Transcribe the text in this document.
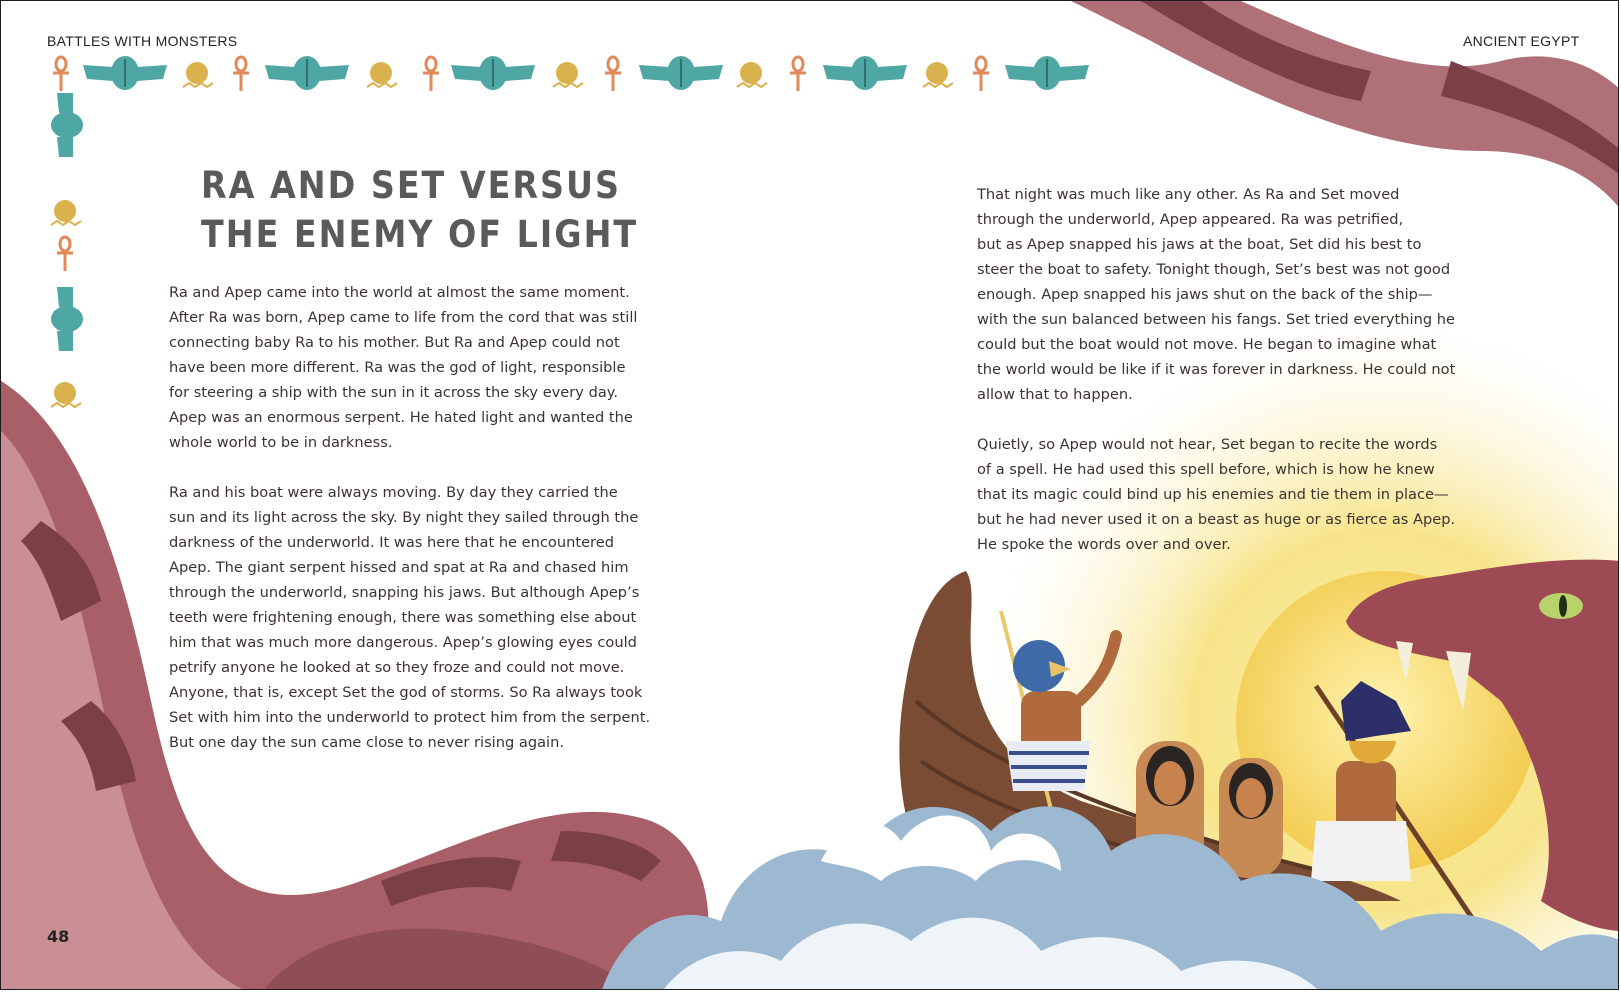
BATTLES WITH MONSTERS	ANCIENT EGYPT
RA AND SET VERSUS
THE ENEMY OF LIGHT
Ra and Apep came into the world at almost the same moment.
After Ra was born, Apep came to life from the cord that was still
connecting baby Ra to his mother. But Ra and Apep could not
have been more different. Ra was the god of light, responsible
for steering a ship with the sun in it across the sky every day.
Apep was an enormous serpent. He hated light and wanted the
whole world to be in darkness.
Ra and his boat were always moving. By day they carried the
sun and its light across the sky. By night they sailed through the
darkness of the underworld. It was here that he encountered
Apep. The giant serpent hissed and spat at Ra and chased him
through the underworld, snapping his jaws. But although Apep’s
teeth were frightening enough, there was something else about
him that was much more dangerous. Apep’s glowing eyes could
petrify anyone he looked at so they froze and could not move.
Anyone, that is, except Set the god of storms. So Ra always took
Set with him into the underworld to protect him from the serpent.
But one day the sun came close to never rising again.
That night was much like any other. As Ra and Set moved
through the underworld, Apep appeared. Ra was petrified,
but as Apep snapped his jaws at the boat, Set did his best to
steer the boat to safety. Tonight though, Set’s best was not good
enough. Apep snapped his jaws shut on the back of the ship—
with the sun balanced between his fangs. Set tried everything he
could but the boat would not move. He began to imagine what
the world would be like if it was forever in darkness. He could not
allow that to happen.
Quietly, so Apep would not hear, Set began to recite the words
of a spell. He had used this spell before, which is how he knew
that its magic could bind up his enemies and tie them in place—
but he had never used it on a beast as huge or as fierce as Apep.
He spoke the words over and over.
48
